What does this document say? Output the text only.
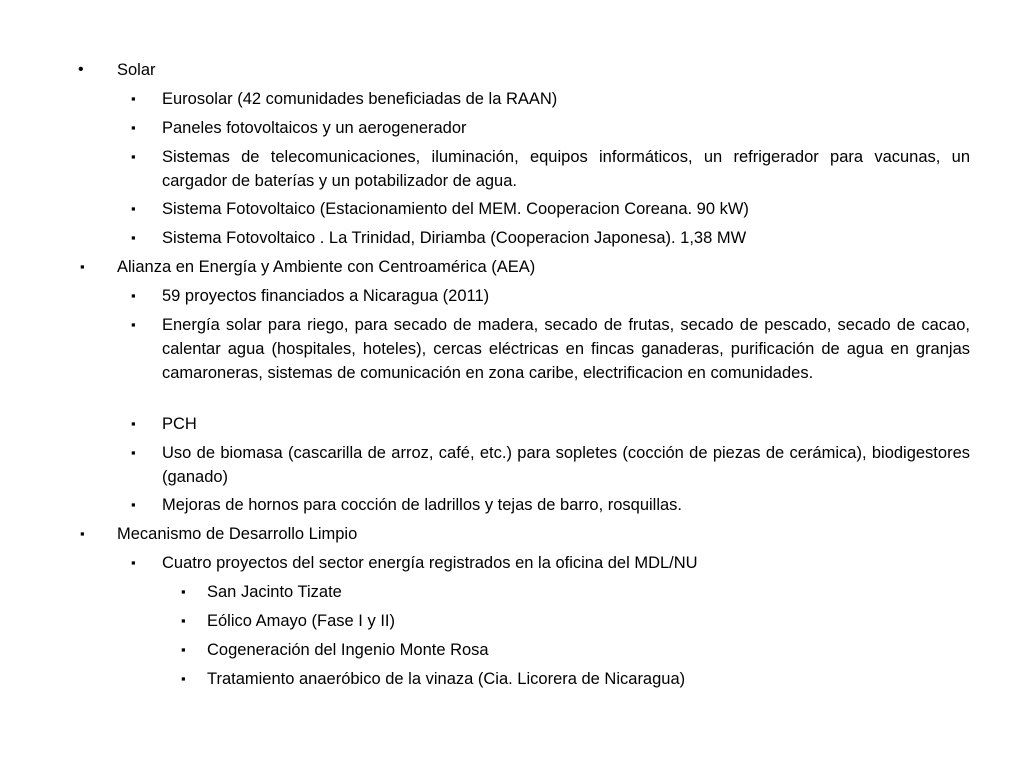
• Solar
▪ Eurosolar (42 comunidades beneficiadas de la RAAN)
▪ Paneles fotovoltaicos y un aerogenerador
▪ Sistemas de telecomunicaciones, iluminación, equipos informáticos, un refrigerador para vacunas, un cargador de baterías y un potabilizador de agua.
▪ Sistema Fotovoltaico (Estacionamiento del MEM. Cooperacion Coreana. 90 kW)
▪ Sistema Fotovoltaico . La Trinidad, Diriamba (Cooperacion Japonesa). 1,38 MW
▪ Alianza en Energía y Ambiente con Centroamérica (AEA)
▪ 59 proyectos financiados a Nicaragua (2011)
▪ Energía solar para riego, para secado de madera, secado de frutas, secado de pescado, secado de cacao, calentar agua (hospitales, hoteles), cercas eléctricas en fincas ganaderas, purificación de agua en granjas camaroneras, sistemas de comunicación en zona caribe, electrificacion en comunidades.
▪ PCH
▪ Uso de biomasa (cascarilla de arroz, café, etc.) para sopletes (cocción de piezas de cerámica), biodigestores (ganado)
▪ Mejoras de hornos para cocción de ladrillos y tejas de barro, rosquillas.
▪ Mecanismo de Desarrollo Limpio
▪ Cuatro proyectos del sector energía registrados en la oficina del MDL/NU
▪ San Jacinto Tizate
▪ Eólico Amayo (Fase I y II)
▪ Cogeneración del Ingenio Monte Rosa
▪ Tratamiento anaeróbico de la vinaza (Cia. Licorera de Nicaragua)
